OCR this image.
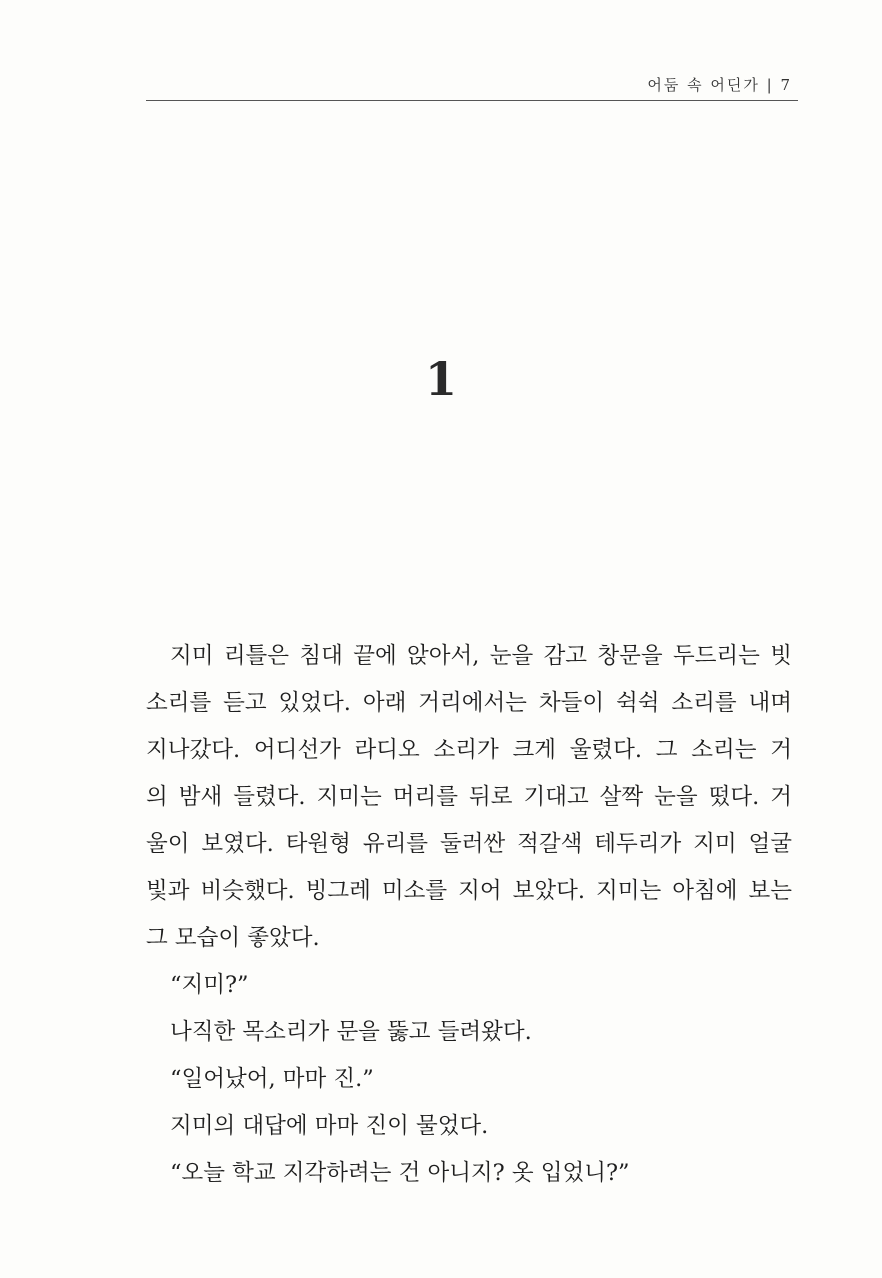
어둠 속 어딘가 | 7
1
지미 리틀은 침대 끝에 앉아서, 눈을 감고 창문을 두드리는 빗
소리를 듣고 있었다. 아래 거리에서는 차들이 쉭쉭 소리를 내며
지나갔다. 어디선가 라디오 소리가 크게 울렸다. 그 소리는 거
의 밤새 들렸다. 지미는 머리를 뒤로 기대고 살짝 눈을 떴다. 거
울이 보였다. 타원형 유리를 둘러싼 적갈색 테두리가 지미 얼굴
빛과 비슷했다. 빙그레 미소를 지어 보았다. 지미는 아침에 보는
그 모습이 좋았다.
“지미?”
나직한 목소리가 문을 뚫고 들려왔다.
“일어났어, 마마 진.”
지미의 대답에 마마 진이 물었다.
“오늘 학교 지각하려는 건 아니지? 옷 입었니?”
